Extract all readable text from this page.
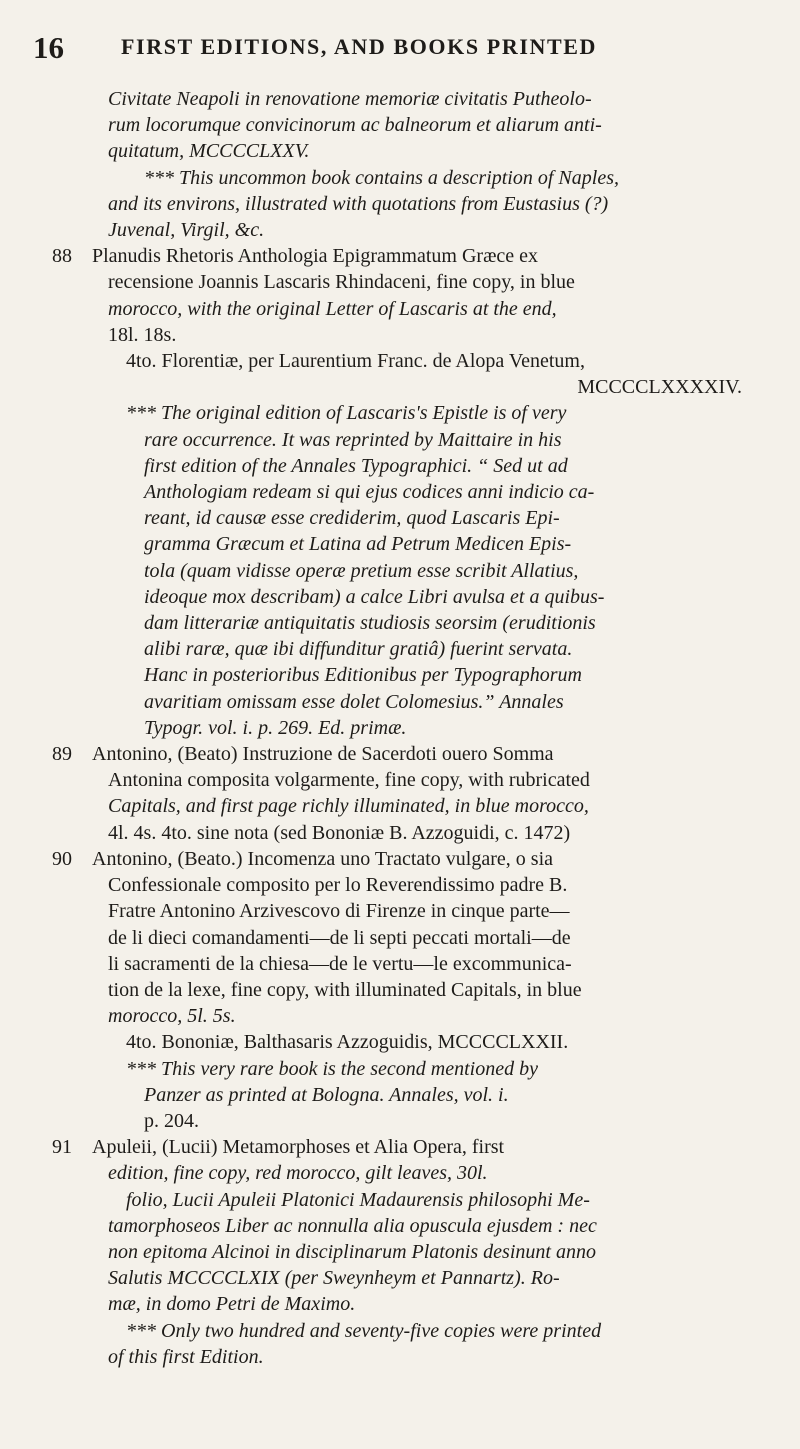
16	FIRST EDITIONS, AND BOOKS PRINTED
Civitate Neapoli in renovatione memoriæ civitatis Putheolo-
rum locorumque convicinorum ac balneorum et aliarum anti-
quitatum, MCCCCLXXV.
*** This uncommon book contains a description of Naples,
and its environs, illustrated with quotations from Eustasius (?)
Juvenal, Virgil, &c.
88 Planudis Rhetoris Anthologia Epigrammatum Græce ex
recensione Joannis Lascaris Rhindaceni, fine copy, in blue
morocco, with the original Letter of Lascaris at the end,
18l. 18s.
4to. Florentiæ, per Laurentium Franc. de Alopa Venetum,
MCCCCLXXXXIV.
*** The original edition of Lascaris's Epistle is of very
rare occurrence. It was reprinted by Maittaire in his
first edition of the Annales Typographici. “ Sed ut ad
Anthologiam redeam si qui ejus codices anni indicio ca-
reant, id causæ esse crediderim, quod Lascaris Epi-
gramma Græcum et Latina ad Petrum Medicen Epis-
tola (quam vidisse operæ pretium esse scribit Allatius,
ideoque mox describam) a calce Libri avulsa et a quibus-
dam litterariæ antiquitatis studiosis seorsim (eruditionis
alibi raræ, quæ ibi diffunditur gratiâ) fuerint servata.
Hanc in posterioribus Editionibus per Typographorum
avaritiam omissam esse dolet Colomesius.” Annales
Typogr. vol. i. p. 269. Ed. primæ.
89 Antonino, (Beato) Instruzione de Sacerdoti ouero Somma
Antonina composita volgarmente, fine copy, with rubricated
Capitals, and first page richly illuminated, in blue morocco,
4l. 4s. 4to. sine nota (sed Bononiæ B. Azzoguidi, c. 1472)
90 Antonino, (Beato.) Incomenza uno Tractato vulgare, o sia
Confessionale composito per lo Reverendissimo padre B.
Fratre Antonino Arzivescovo di Firenze in cinque parte—
de li dieci comandamenti—de li septi peccati mortali—de
li sacramenti de la chiesa—de le vertu—le excommunica-
tion de la lexe, fine copy, with illuminated Capitals, in blue
morocco, 5l. 5s.
4to. Bononiæ, Balthasaris Azzoguidis, MCCCCLXXII.
*** This very rare book is the second mentioned by
Panzer as printed at Bologna. Annales, vol. i.
p. 204.
91 Apuleii, (Lucii) Metamorphoses et Alia Opera, first
edition, fine copy, red morocco, gilt leaves, 30l.
folio, Lucii Apuleii Platonici Madaurensis philosophi Me-
tamorphoseos Liber ac nonnulla alia opuscula ejusdem : nec
non epitoma Alcinoi in disciplinarum Platonis desinunt anno
Salutis MCCCCLXIX (per Sweynheym et Pannartz). Ro-
mæ, in domo Petri de Maximo.
*** Only two hundred and seventy-five copies were printed
of this first Edition.
